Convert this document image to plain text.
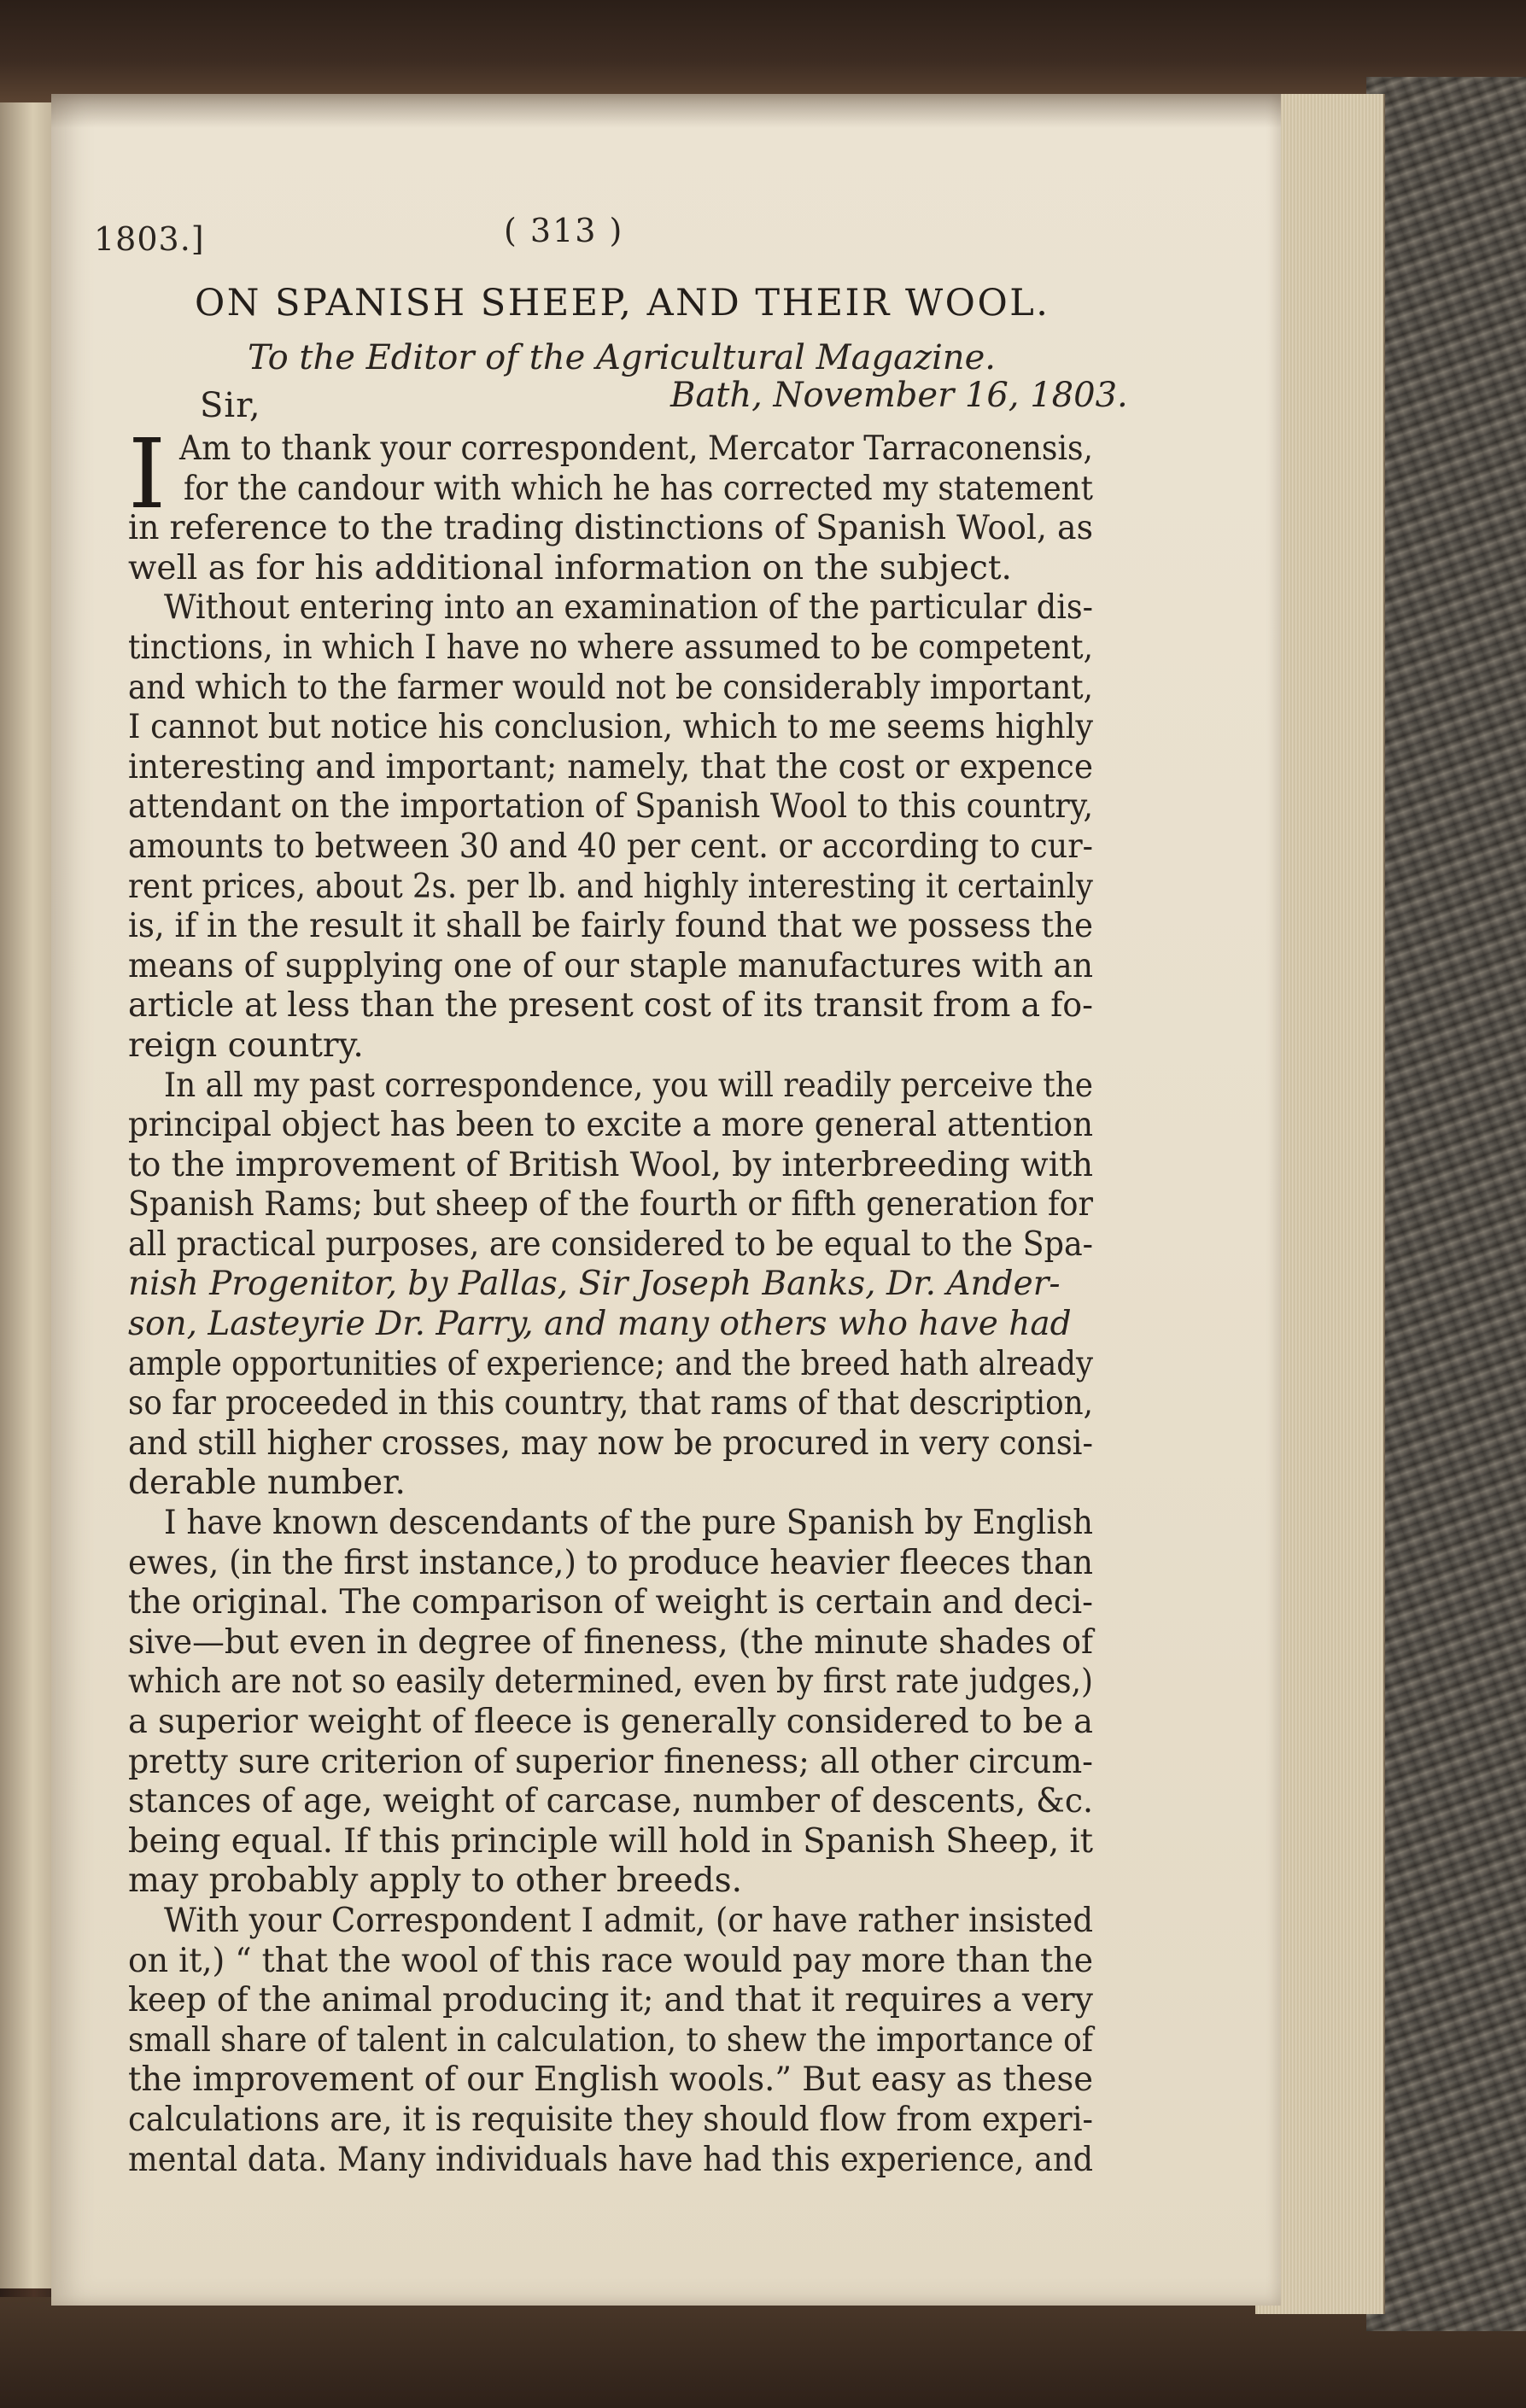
1803.]	( 313 )
ON SPANISH SHEEP, AND THEIR WOOL.
To the Editor of the Agricultural Magazine.
Sir,	Bath, November 16, 1803.
I Am to thank your correspondent, Mercator Tarraconensis,
for the candour with which he has corrected my statement
in reference to the trading distinctions of Spanish Wool, as
well as for his additional information on the subject.
Without entering into an examination of the particular dis-
tinctions, in which I have no where assumed to be competent,
and which to the farmer would not be considerably important,
I cannot but notice his conclusion, which to me seems highly
interesting and important; namely, that the cost or expence
attendant on the importation of Spanish Wool to this country,
amounts to between 30 and 40 per cent. or according to cur-
rent prices, about 2s. per lb. and highly interesting it certainly
is, if in the result it shall be fairly found that we possess the
means of supplying one of our staple manufactures with an
article at less than the present cost of its transit from a fo-
reign country.
In all my past correspondence, you will readily perceive the
principal object has been to excite a more general attention
to the improvement of British Wool, by interbreeding with
Spanish Rams; but sheep of the fourth or fifth generation for
all practical purposes, are considered to be equal to the Spa-
nish Progenitor, by Pallas, Sir Joseph Banks, Dr. Ander-
son, Lasteyrie Dr. Parry, and many others who have had
ample opportunities of experience; and the breed hath already
so far proceeded in this country, that rams of that description,
and still higher crosses, may now be procured in very consi-
derable number.
I have known descendants of the pure Spanish by English
ewes, (in the first instance,) to produce heavier fleeces than
the original. The comparison of weight is certain and deci-
sive—but even in degree of fineness, (the minute shades of
which are not so easily determined, even by first rate judges,)
a superior weight of fleece is generally considered to be a
pretty sure criterion of superior fineness; all other circum-
stances of age, weight of carcase, number of descents, &c.
being equal. If this principle will hold in Spanish Sheep, it
may probably apply to other breeds.
With your Correspondent I admit, (or have rather insisted
on it,) “ that the wool of this race would pay more than the
keep of the animal producing it; and that it requires a very
small share of talent in calculation, to shew the importance of
the improvement of our English wools.” But easy as these
calculations are, it is requisite they should flow from experi-
mental data. Many individuals have had this experience, and
